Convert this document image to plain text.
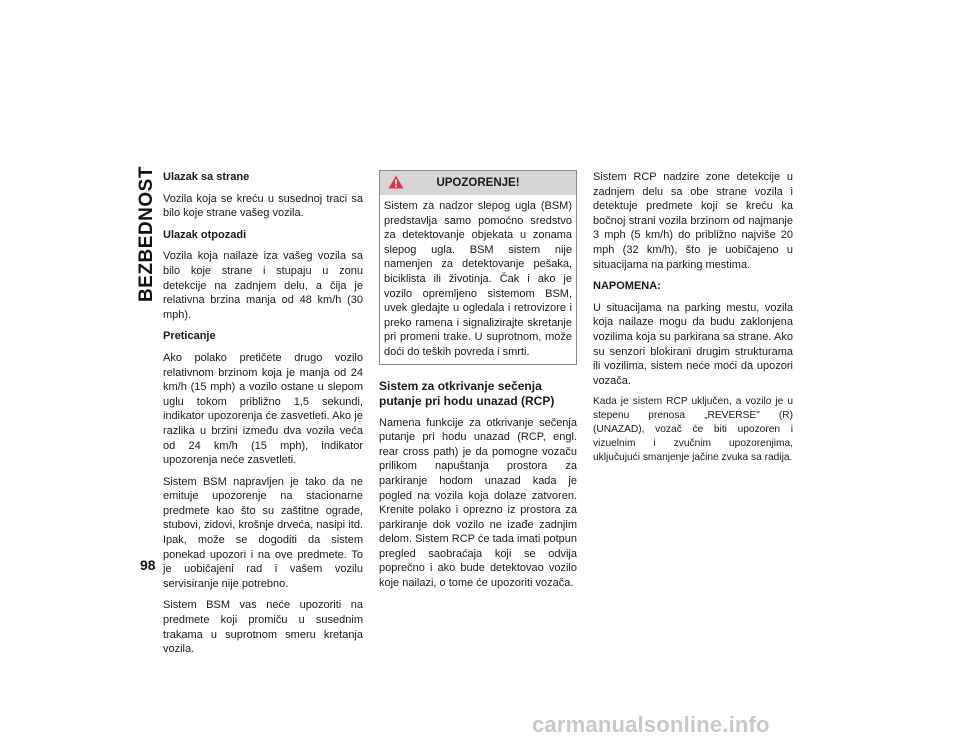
BEZBEDNOST
98
Ulazak sa strane

Vozila koja se kreću u susednoj traci sa bilo koje strane vašeg vozila.

Ulazak otpozadi

Vozila koja nailaze iza vašeg vozila sa bilo koje strane i stupaju u zonu detekcije na zadnjem delu, a čija je relativna brzina manja od 48 km/h (30 mph).

Preticanje

Ako polako pretičete drugo vozilo relativnom brzinom koja je manja od 24 km/h (15 mph) a vozilo ostane u slepom uglu tokom približno 1,5 sekundi, indikator upozorenja će zasvetleti. Ako je razlika u brzini između dva vozila veća od 24 km/h (15 mph), indikator upozorenja neće zasvetleti.

Sistem BSM napravljen je tako da ne emituje upozorenje na stacionarne predmete kao što su zaštitne ograde, stubovi, zidovi, krošnje drveća, nasipi itd. Ipak, može se dogoditi da sistem ponekad upozori i na ove predmete. To je uobičajeni rad i vašem vozilu servisiranje nije potrebno.

Sistem BSM vas neće upozoriti na predmete koji promiču u susednim trakama u suprotnom smeru kretanja vozila.

UPOZORENJE!

Sistem za nadzor slepog ugla (BSM) predstavlja samo pomoćno sredstvo za detektovanje objekata u zonama slepog ugla. BSM sistem nije namenjen za detektovanje pešaka, biciklista ili životinja. Čak i ako je vozilo opremljeno sistemom BSM, uvek gledajte u ogledala i retrovizore i preko ramena i signalizirajte skretanje pri promeni trake. U suprotnom, može doći do teških povreda i smrti.

Sistem za otkrivanje sečenja putanje pri hodu unazad (RCP)

Namena funkcije za otkrivanje sečenja putanje pri hodu unazad (RCP, engl. rear cross path) je da pomogne vozaču prilikom napuštanja prostora za parkiranje hodom unazad kada je pogled na vozila koja dolaze zatvoren. Krenite polako i oprezno iz prostora za parkiranje dok vozilo ne izađe zadnjim delom. Sistem RCP će tada imati potpun pregled saobraćaja koji se odvija poprečno i ako bude detektovao vozilo koje nailazi, o tome će upozoriti vozača.

Sistem RCP nadzire zone detekcije u zadnjem delu sa obe strane vozila i detektuje predmete koji se kreću ka bočnoj strani vozila brzinom od najmanje 3 mph (5 km/h) do približno najviše 20 mph (32 km/h), što je uobičajeno u situacijama na parking mestima.

NAPOMENA:

U situacijama na parking mestu, vozila koja nailaze mogu da budu zaklonjena vozilima koja su parkirana sa strane. Ako su senzori blokirani drugim strukturama ili vozilima, sistem neće moći da upozori vozača.

Kada je sistem RCP uključen, a vozilo je u stepenu prenosa „REVERSE" (R) (UNAZAD), vozač će biti upozoren i vizuelnim i zvučnim upozorenjima, uključujući smanjenje jačine zvuka sa radija.

carmanualsonline.info
